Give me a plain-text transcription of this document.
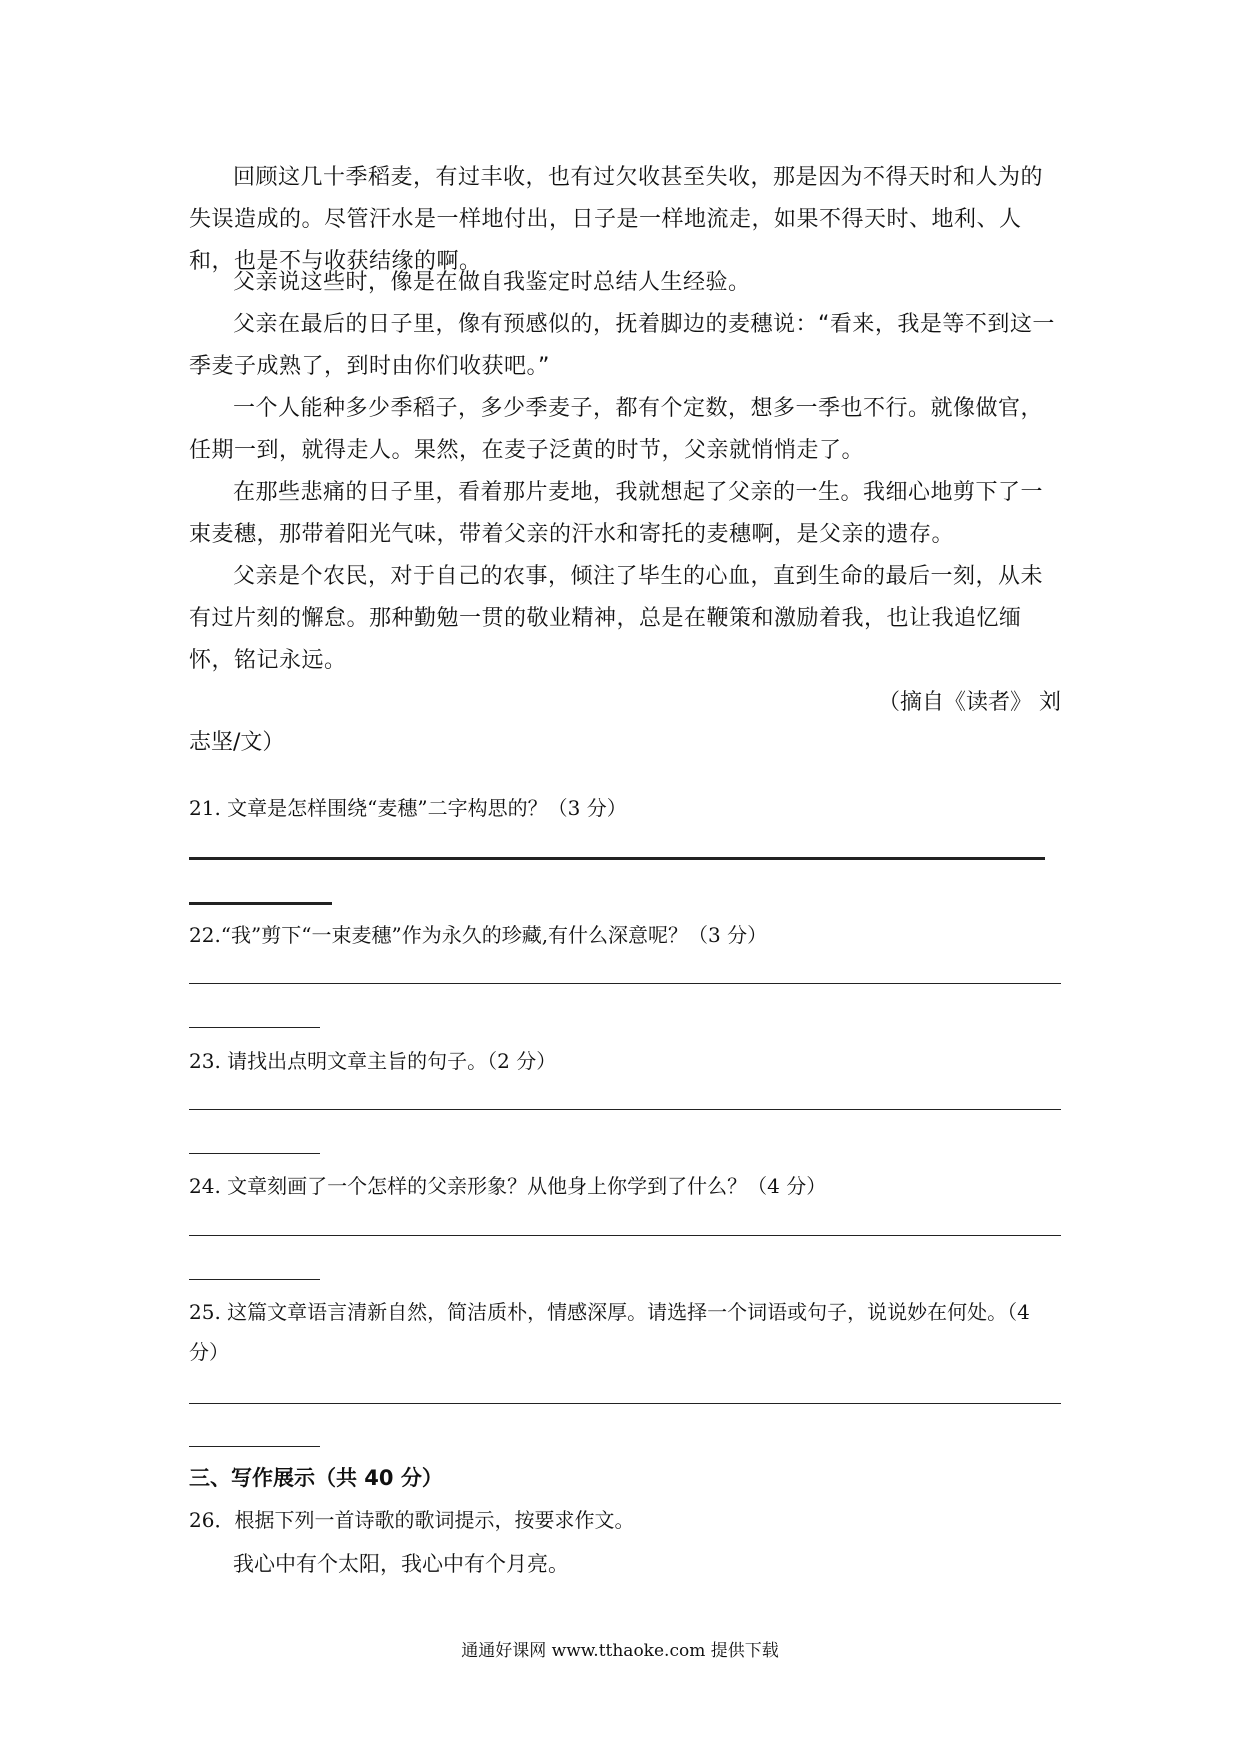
回顾这几十季稻麦，有过丰收，也有过欠收甚至失收，那是因为不得天时和人为的失误造成的。尽管汗水是一样地付出，日子是一样地流走，如果不得天时、地利、人和，也是不与收获结缘的啊。

父亲说这些时，像是在做自我鉴定时总结人生经验。

父亲在最后的日子里，像有预感似的，抚着脚边的麦穗说：“看来，我是等不到这一季麦子成熟了，到时由你们收获吧。”

一个人能种多少季稻子，多少季麦子，都有个定数，想多一季也不行。就像做官，任期一到，就得走人。果然，在麦子泛黄的时节，父亲就悄悄走了。

在那些悲痛的日子里，看着那片麦地，我就想起了父亲的一生。我细心地剪下了一束麦穗，那带着阳光气味，带着父亲的汗水和寄托的麦穗啊，是父亲的遗存。

父亲是个农民，对于自己的农事，倾注了毕生的心血，直到生命的最后一刻，从未有过片刻的懈怠。那种勤勉一贯的敬业精神，总是在鞭策和激励着我，也让我追忆缅怀，铭记永远。

（摘自《读者》 刘
志坚/文）
21. 文章是怎样围绕“麦穗”二字构思的？（3 分）
22.“我”剪下“一束麦穗”作为永久的珍藏,有什么深意呢？（3 分）
23. 请找出点明文章主旨的句子。（2 分）
24. 文章刻画了一个怎样的父亲形象？从他身上你学到了什么？（4 分）
25. 这篇文章语言清新自然，简洁质朴，情感深厚。请选择一个词语或句子，说说妙在何处。（4 分）
三、写作展示（共 40 分）
26．根据下列一首诗歌的歌词提示，按要求作文。
我心中有个太阳，我心中有个月亮。
通通好课网 www.tthaoke.com 提供下载
